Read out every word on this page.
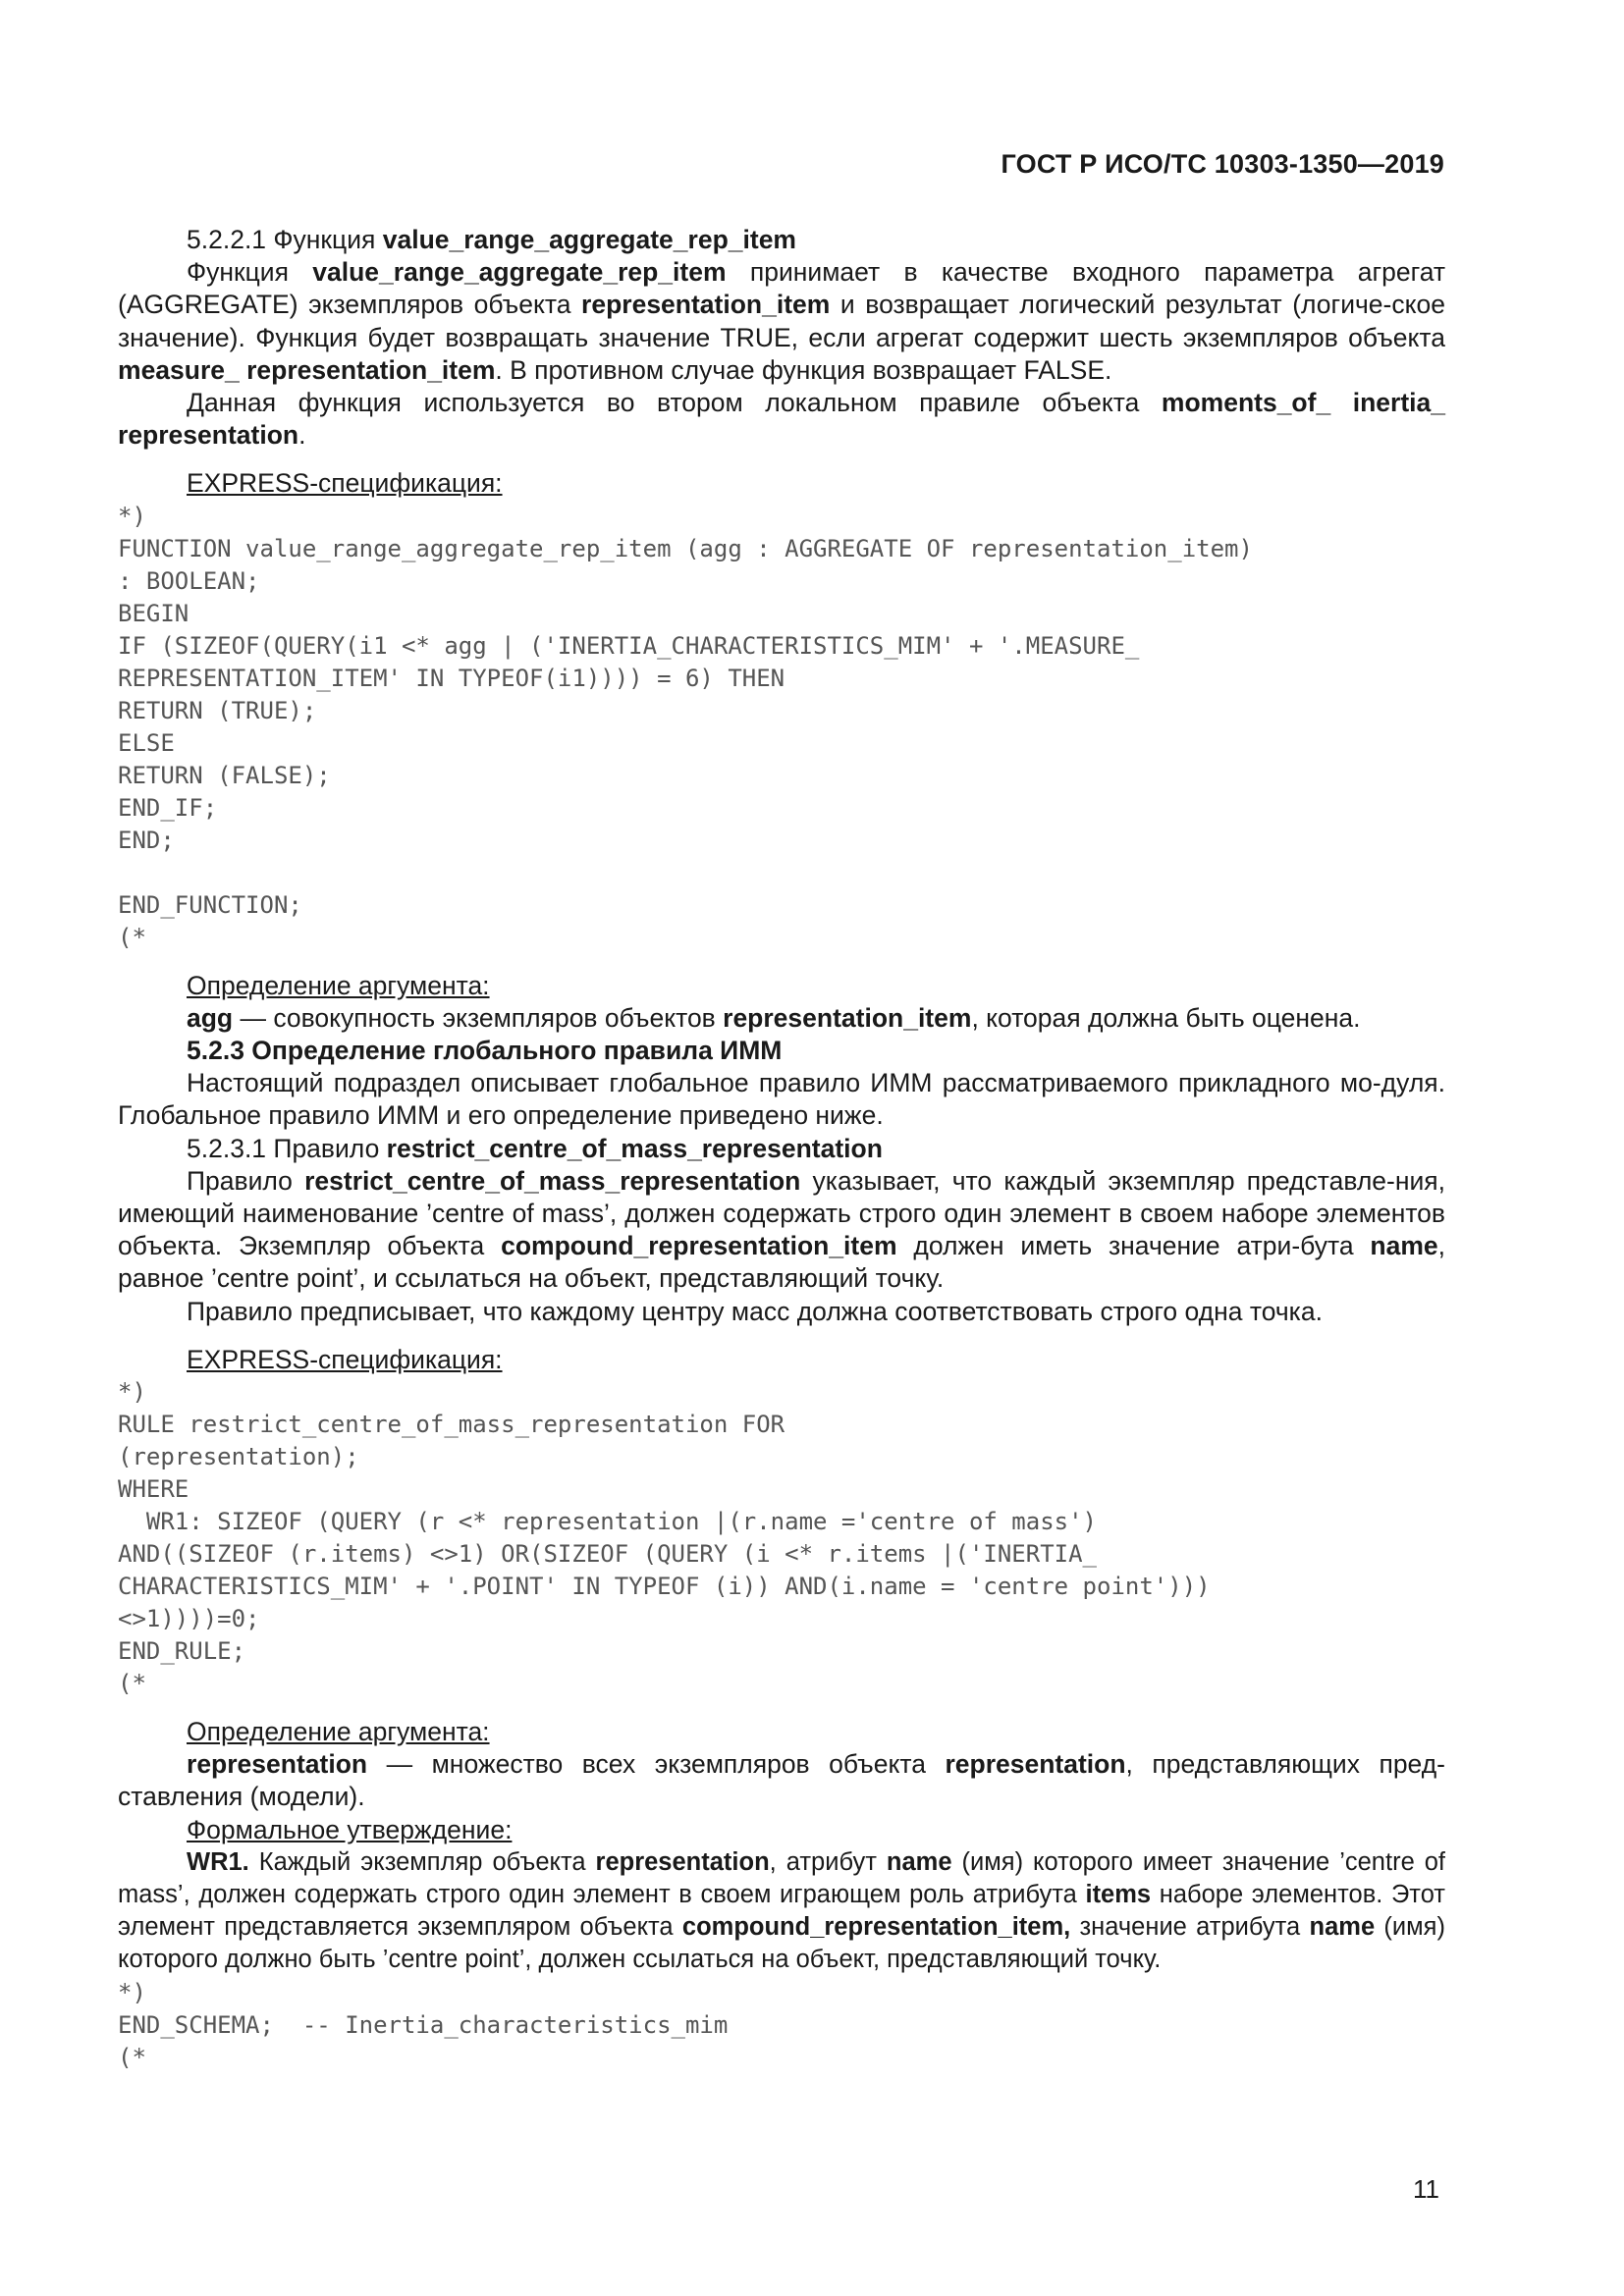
ГОСТ Р ИСО/ТС 10303-1350—2019

5.2.2.1 Функция value_range_aggregate_rep_item

Функция value_range_aggregate_rep_item принимает в качестве входного параметра агрегат (AGGREGATE) экземпляров объекта representation_item и возвращает логический результат (логиче-ское значение). Функция будет возвращать значение TRUE, если агрегат содержит шесть экземпляров объекта measure_ representation_item. В противном случае функция возвращает FALSE.

Данная функция используется во втором локальном правиле объекта moments_of_ inertia_ representation.

EXPRESS-спецификация:

*)
FUNCTION value_range_aggregate_rep_item (agg : AGGREGATE OF representation_item)
: BOOLEAN;
BEGIN
IF (SIZEOF(QUERY(i1 <* agg | ('INERTIA_CHARACTERISTICS_MIM' + '.MEASURE_
REPRESENTATION_ITEM' IN TYPEOF(i1)))) = 6) THEN
RETURN (TRUE);
ELSE
RETURN (FALSE);
END_IF;
END;

END_FUNCTION;
(*

Определение аргумента:

agg — совокупность экземпляров объектов representation_item, которая должна быть оценена.

5.2.3 Определение глобального правила ИММ

Настоящий подраздел описывает глобальное правило ИММ рассматриваемого прикладного мо-дуля. Глобальное правило ИММ и его определение приведено ниже.

5.2.3.1 Правило restrict_centre_of_mass_representation

Правило restrict_centre_of_mass_representation указывает, что каждый экземпляр представле-ния, имеющий наименование ’centre of mass’, должен содержать строго один элемент в своем наборе элементов объекта. Экземпляр объекта compound_representation_item должен иметь значение атри-бута name, равное ’centre point’, и ссылаться на объект, представляющий точку.

Правило предписывает, что каждому центру масс должна соответствовать строго одна точка.

EXPRESS-спецификация:

*)
RULE restrict_centre_of_mass_representation FOR
(representation);
WHERE
WR1: SIZEOF (QUERY (r <* representation |(r.name ='centre of mass')
AND((SIZEOF (r.items) <>1) OR(SIZEOF (QUERY (i <* r.items |('INERTIA_
CHARACTERISTICS_MIM' + '.POINT' IN TYPEOF (i)) AND(i.name = 'centre point')))
<>1))))=0;
END_RULE;
(*

Определение аргумента:

representation — множество всех экземпляров объекта representation, представляющих пред-ставления (модели).

Формальное утверждение:

WR1. Каждый экземпляр объекта representation, атрибут name (имя) которого имеет значение ’centre of mass’, должен содержать строго один элемент в своем играющем роль атрибута items наборе элементов. Этот элемент представляется экземпляром объекта compound_representation_item, значение атрибута name (имя) которого должно быть ’centre point’, должен ссылаться на объект, представляющий точку.

*)
END_SCHEMA;  -- Inertia_characteristics_mim
(*
11
